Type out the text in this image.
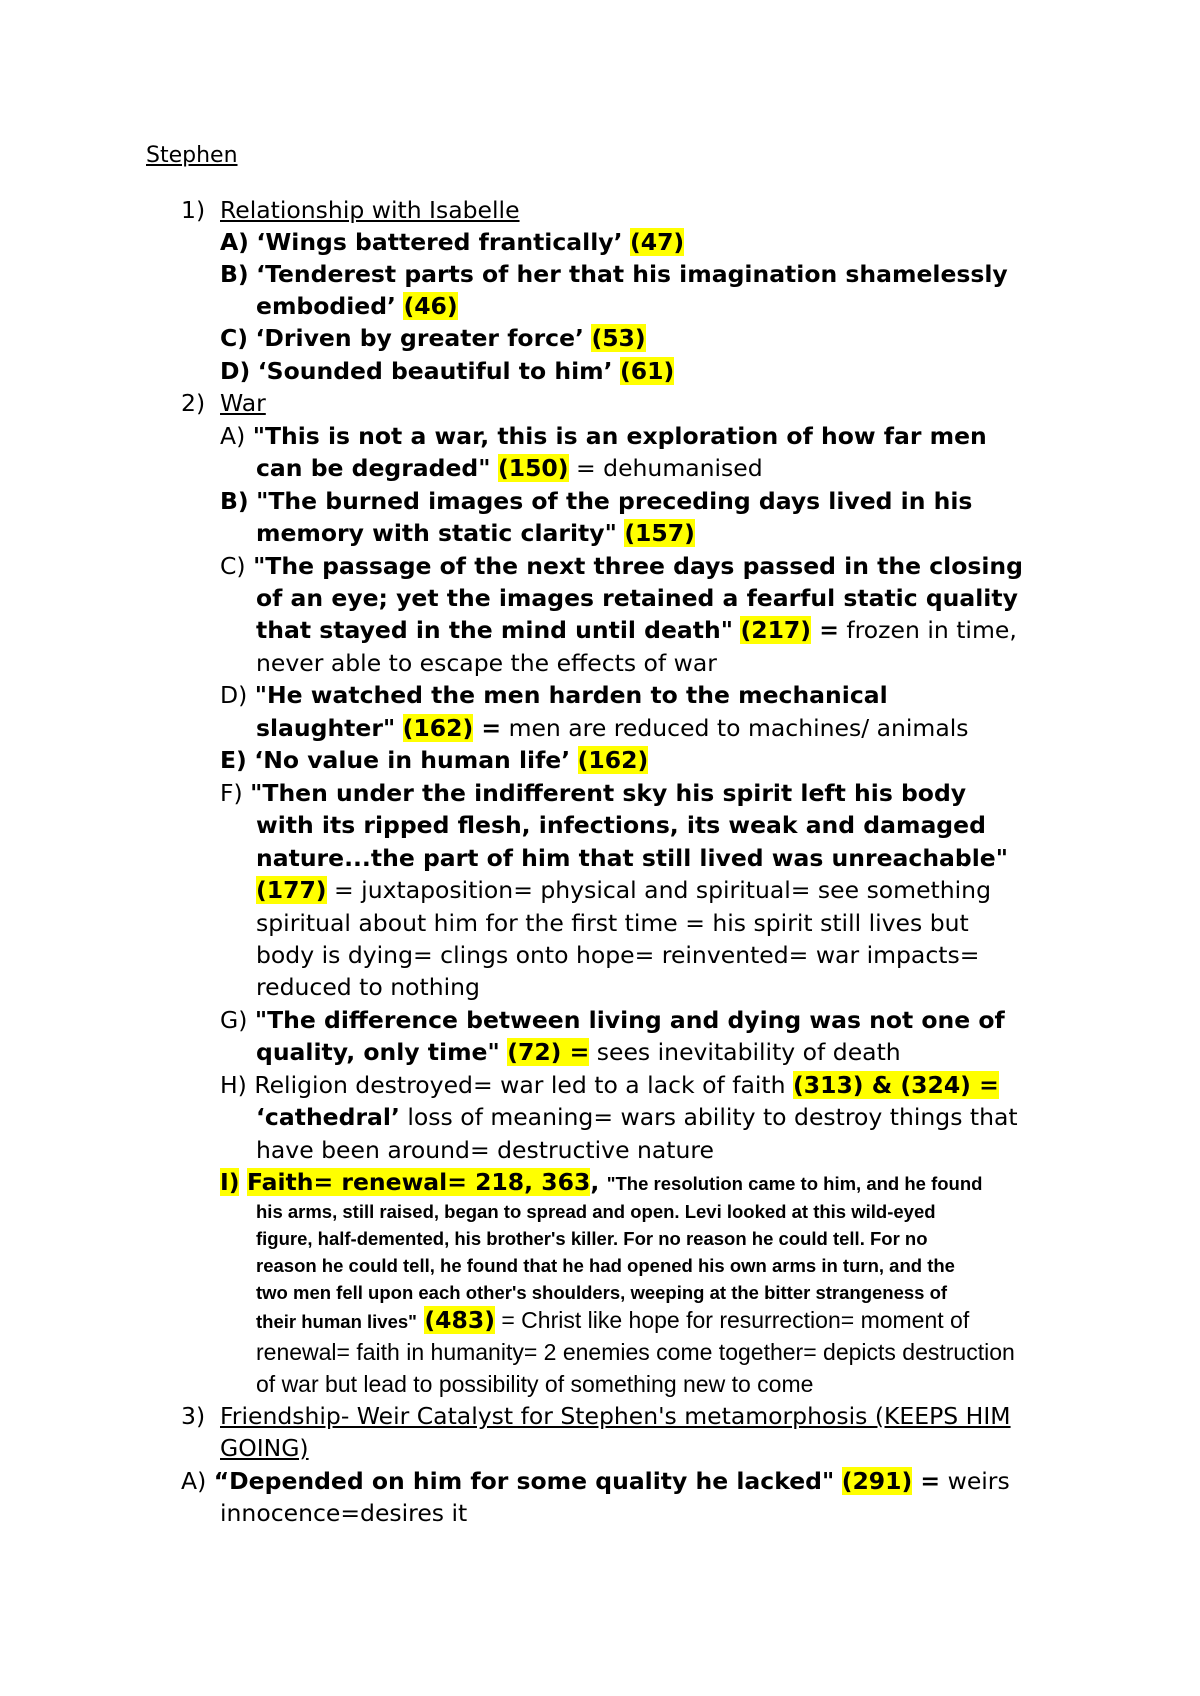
Stephen
1) Relationship with Isabelle
A) ‘Wings battered frantically’ (47)
B) ‘Tenderest parts of her that his imagination shamelessly
embodied’ (46)
C) ‘Driven by greater force’ (53)
D) ‘Sounded beautiful to him’ (61)
2) War
A) "This is not a war, this is an exploration of how far men
can be degraded" (150) = dehumanised
B) "The burned images of the preceding days lived in his
memory with static clarity" (157)
C) "The passage of the next three days passed in the closing
of an eye; yet the images retained a fearful static quality
that stayed in the mind until death" (217) = frozen in time,
never able to escape the effects of war
D) "He watched the men harden to the mechanical
slaughter" (162) = men are reduced to machines/ animals
E) ‘No value in human life’ (162)
F) "Then under the indifferent sky his spirit left his body
with its ripped flesh, infections, its weak and damaged
nature...the part of him that still lived was unreachable"
(177) = juxtaposition= physical and spiritual= see something
spiritual about him for the first time = his spirit still lives but
body is dying= clings onto hope= reinvented= war impacts=
reduced to nothing
G) "The difference between living and dying was not one of
quality, only time" (72) = sees inevitability of death
H) Religion destroyed= war led to a lack of faith (313) & (324) =
‘cathedral’ loss of meaning= wars ability to destroy things that
have been around= destructive nature
I) Faith= renewal= 218, 363, "The resolution came to him, and he found
his arms, still raised, began to spread and open. Levi looked at this wild-eyed
figure, half-demented, his brother's killer. For no reason he could tell. For no
reason he could tell, he found that he had opened his own arms in turn, and the
two men fell upon each other's shoulders, weeping at the bitter strangeness of
their human lives" (483) = Christ like hope for resurrection= moment of
renewal= faith in humanity= 2 enemies come together= depicts destruction
of war but lead to possibility of something new to come
3) Friendship- Weir Catalyst for Stephen's metamorphosis (KEEPS HIM
GOING)
A) “Depended on him for some quality he lacked" (291) = weirs
innocence=desires it
